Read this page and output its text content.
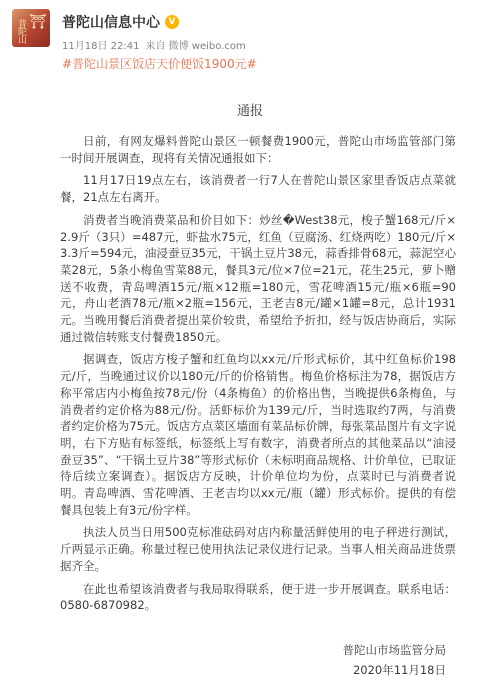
⛩
普陀山	普陀山信息中心 V
11月18日 22:41 来自 微博 weibo.com
#普陀山景区饭店天价便饭1900元#
通报

日前，有网友爆料普陀山景区一顿餐费1900元，普陀山市场监管部门第一时间开展调查，现将有关情况通报如下：

11月17日19点左右，该消费者一行7人在普陀山景区家里香饭店点菜就餐，21点左右离开。

消费者当晚消费菜品和价目如下：炒丝�West38元，梭子蟹168元/斤×2.9斤（3只）=487元，虾盐水75元，红鱼（豆腐汤、红烧两吃）180元/斤×3.3斤=594元，油浸蚕豆35元，干锅土豆片38元，蒜香排骨68元，蒜泥空心菜28元，5条小梅鱼雪菜88元，餐具3元/位×7位=21元，花生25元，萝卜赠送不收费，青岛啤酒15元/瓶×12瓶=180元，雪花啤酒15元/瓶×6瓶=90元，舟山老酒78元/瓶×2瓶=156元，王老吉8元/罐×1罐=8元，总计1931元。当晚用餐后消费者提出菜价较贵，希望给予折扣，经与饭店协商后，实际通过微信转账支付餐费1850元。

据调查，饭店方梭子蟹和红鱼均以xx元/斤形式标价，其中红鱼标价198元/斤，当晚通过议价以180元/斤的价格销售。梅鱼价格标注为78，据饭店方称平常店内小梅鱼按78元/份（4条梅鱼）的价格出售，当晚提供6条梅鱼，与消费者约定价格为88元/份。活虾标价为139元/斤，当时选取约7两，与消费者约定价格为75元。饭店方点菜区墙面有菜品标价牌，每张菜品图片有文字说明，右下方贴有标签纸，标签纸上写有数字，消费者所点的其他菜品以“油浸蚕豆35”、“干锅土豆片38”等形式标价（未标明商品规格、计价单位，已取证待后续立案调查）。据饭店方反映，计价单位均为份，点菜时已与消费者说明。青岛啤酒、雪花啤酒、王老吉均以xx元/瓶（罐）形式标价。提供的有偿餐具包装上有3元/份字样。

执法人员当日用500克标准砝码对店内称量活鲜使用的电子秤进行测试，斤两显示正确。称量过程已使用执法记录仪进行记录。当事人相关商品进货票据齐全。

在此也希望该消费者与我局取得联系，便于进一步开展调查。联系电话：0580-6870982。

普陀山市场监管分局
2020年11月18日
